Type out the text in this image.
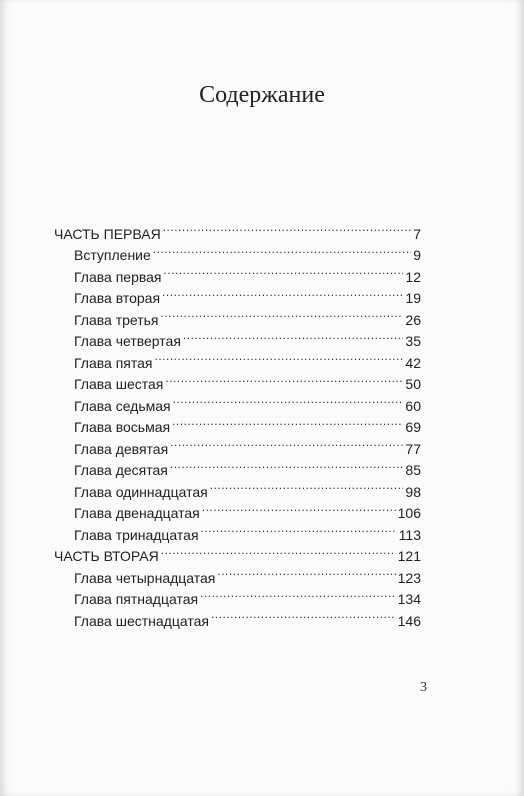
Содержание
ЧАСТЬ ПЕРВАЯ .....	7
Вступление .....	9
Глава первая .....	12
Глава вторая .....	19
Глава третья .....	26
Глава четвертая .....	35
Глава пятая .....	42
Глава шестая .....	50
Глава седьмая .....	60
Глава восьмая .....	69
Глава девятая .....	77
Глава десятая .....	85
Глава одиннадцатая .....	98
Глава двенадцатая .....	106
Глава тринадцатая .....	113
ЧАСТЬ ВТОРАЯ .....	121
Глава четырнадцатая .....	123
Глава пятнадцатая .....	134
Глава шестнадцатая .....	146
3
